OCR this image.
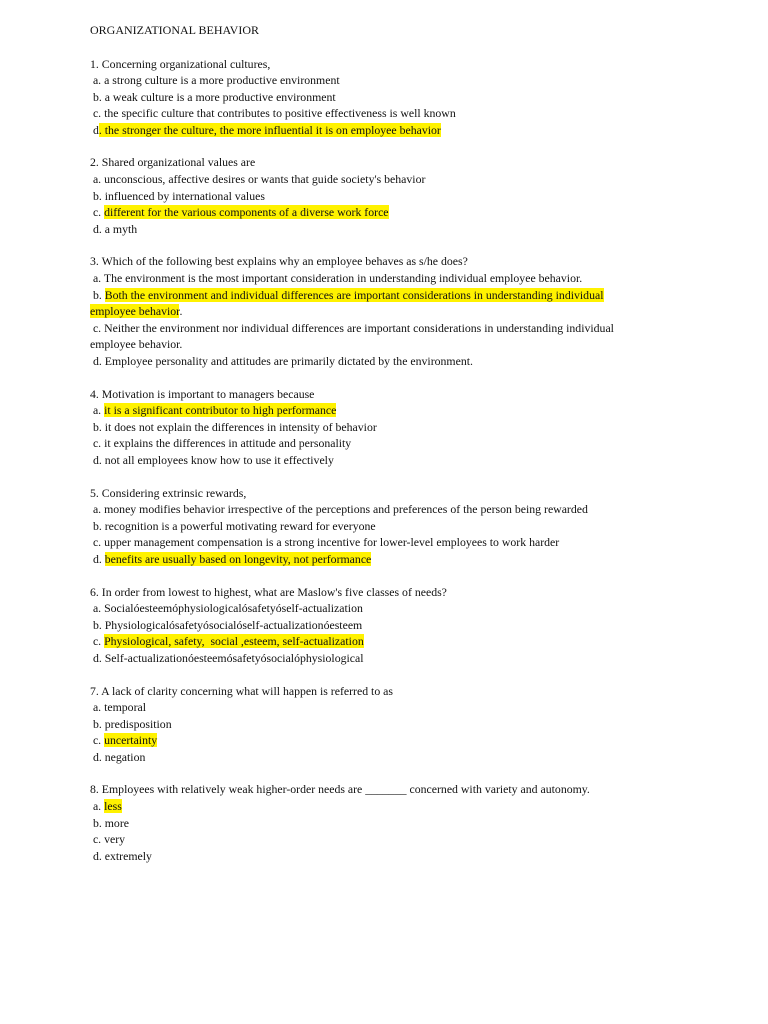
ORGANIZATIONAL BEHAVIOR
1. Concerning organizational cultures,
a. a strong culture is a more productive environment
b. a weak culture is a more productive environment
c. the specific culture that contributes to positive effectiveness is well known
d. the stronger the culture, the more influential it is on employee behavior
2. Shared organizational values are
a. unconscious, affective desires or wants that guide society's behavior
b. influenced by international values
c. different for the various components of a diverse work force
d. a myth
3. Which of the following best explains why an employee behaves as s/he does?
a. The environment is the most important consideration in understanding individual employee behavior.
b. Both the environment and individual differences are important considerations in understanding individual employee behavior.
c. Neither the environment nor individual differences are important considerations in understanding individual employee behavior.
d. Employee personality and attitudes are primarily dictated by the environment.
4. Motivation is important to managers because
a. it is a significant contributor to high performance
b. it does not explain the differences in intensity of behavior
c. it explains the differences in attitude and personality
d. not all employees know how to use it effectively
5. Considering extrinsic rewards,
a. money modifies behavior irrespective of the perceptions and preferences of the person being rewarded
b. recognition is a powerful motivating reward for everyone
c. upper management compensation is a strong incentive for lower-level employees to work harder
d. benefits are usually based on longevity, not performance
6. In order from lowest to highest, what are Maslow's five classes of needs?
a. Socialóesteemóphysiologicalósafetyóself-actualization
b. Physiologicalósafetyósocialóself-actualizationóesteem
c. Physiological, safety,  social ,esteem, self-actualization
d. Self-actualizationóesteemósafetyósocialóphysiological
7. A lack of clarity concerning what will happen is referred to as
a. temporal
b. predisposition
c. uncertainty
d. negation
8. Employees with relatively weak higher-order needs are _______ concerned with variety and autonomy.
a. less
b. more
c. very
d. extremely
